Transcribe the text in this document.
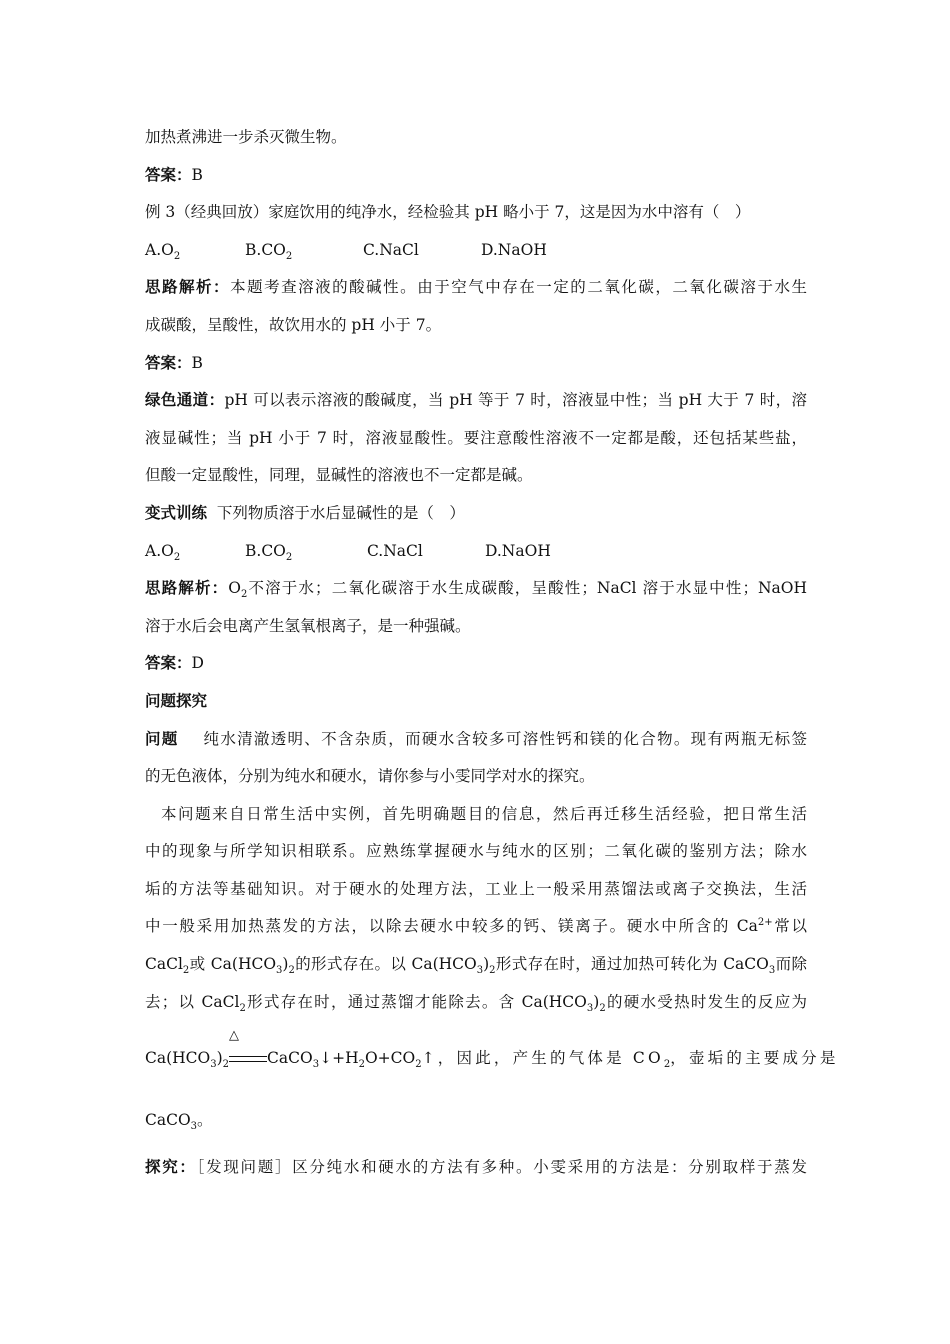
加热煮沸进一步杀灭微生物。
答案：B
例 3（经典回放）家庭饮用的纯净水，经检验其 pH 略小于 7，这是因为水中溶有（　）
$A.O_2$	$B.CO_2$	C.NaCl	D.NaOH
思路解析：本题考查溶液的酸碱性。由于空气中存在一定的二氧化碳，二氧化碳溶于水生
成碳酸，呈酸性，故饮用水的 pH 小于 7。
答案：B
绿色通道：pH 可以表示溶液的酸碱度，当 pH 等于 7 时，溶液显中性；当 pH 大于 7 时，溶
液显碱性；当 pH 小于 7 时，溶液显酸性。要注意酸性溶液不一定都是酸，还包括某些盐，
但酸一定显酸性，同理，显碱性的溶液也不一定都是碱。
变式训练 下列物质溶于水后显碱性的是（　）
$A.O_2$	$B.CO_2$	C.NaCl	D.NaOH
思路解析：$O_2$不溶于水；二氧化碳溶于水生成碳酸，呈酸性；NaCl 溶于水显中性；NaOH
溶于水后会电离产生氢氧根离子，是一种强碱。
答案：D
问题探究
问题 纯水清澈透明、不含杂质，而硬水含较多可溶性钙和镁的化合物。现有两瓶无标签
的无色液体，分别为纯水和硬水，请你参与小雯同学对水的探究。
本问题来自日常生活中实例，首先明确题目的信息，然后再迁移生活经验，把日常生活
中的现象与所学知识相联系。应熟练掌握硬水与纯水的区别；二氧化碳的鉴别方法；除水
垢的方法等基础知识。对于硬水的处理方法，工业上一般采用蒸馏法或离子交换法，生活
中一般采用加热蒸发的方法，以除去硬水中较多的钙、镁离子。硬水中所含的 $Ca^{2+}$常以
CaCl$_2$或 $Ca(HCO_3)_2$的形式存在。以 $Ca(HCO_3)_2$形式存在时，通过加热可转化为 CaCO$_3$而除
去；以 CaCl$_2$形式存在时，通过蒸馏才能除去。含 $Ca(HCO_3)_2$的硬水受热时发生的反应为
$Ca(HCO_3)_2$
△
$CaCO_3↓+H_2O+CO_2↑$，因此，产生的气体是 $CO_2$，壶垢的主要成分是
CaCO$_3$。
探究：［发现问题］区分纯水和硬水的方法有多种。小雯采用的方法是：分别取样于蒸发
